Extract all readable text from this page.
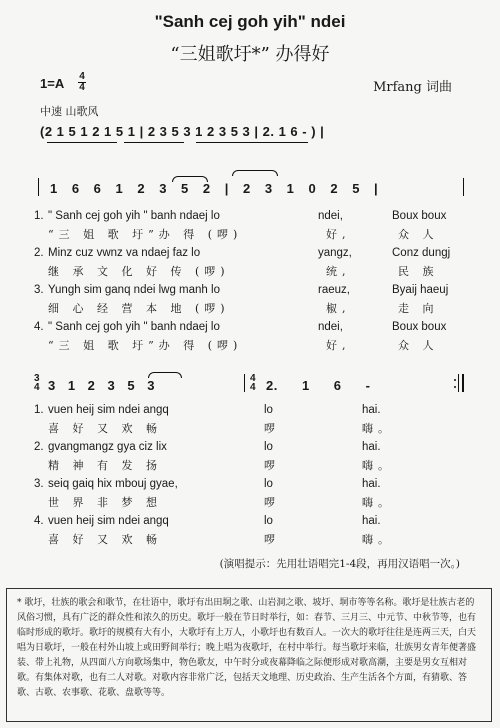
"Sanh cej goh yih" ndei
“三姐歌圩*” 办得好
1=A 4
4	Mrfang 词曲
中速 山歌风
(2 1 5 1 2 1 5 1 | 2 3 5 3 1 2 3 5 3 | 2. 1 6 - ) |
1 6 6 1 2 3 5 2 | 2 3 1 0 2 5 |
1. " Sanh cej goh yih " banh ndaej lo	ndei,	Boux boux
“三 姐 歌 圩”办 得 (啰)	好,	众 人
2. Minz cuz vwnz va ndaej faz lo	yangz,	Conz dungj
继 承 文 化 好 传 (啰)	统,	民 族
3. Yungh sim ganq ndei lwg manh lo	raeuz,	Byaij haeuj
细 心 经 营 本 地 (啰)	椒,	走 向
4. " Sanh cej goh yih " banh ndaej lo	ndei,	Boux boux
“三 姐 歌 圩”办 得 (啰)	好,	众 人
3
4 3 1 2 3 5 3	4
4 2. 1 6 -
1. vuen heij sim ndei angq	lo	hai.
喜 好 又 欢 畅	啰	嗨。
2. gvangmangz gya ciz lix	lo	hai.
精 神 有 发 扬	啰	嗨。
3. seiq gaiq hix mbouj gyae,	lo	hai.
世 界 非 梦 想	啰	嗨。
4. vuen heij sim ndei angq	lo	hai.
喜 好 又 欢 畅	啰	嗨。
(演唱提示：先用壮语唱完1-4段，再用汉语唱一次。)
* 歌圩，壮族的歌会和歌节，在壮语中，歌圩有出田垌之歌、山岩洞之歌、坡圩、垌市等等名称。歌圩是壮族古老的风俗习惯，具有广泛的群众性和浓久的历史。歌圩一般在节日时举行，如：春节、三月三、中元节、中秋节等，也有临时形成的歌圩。歌圩的规模有大有小，大歌圩有上万人，小歌圩也有数百人。一次大的歌圩往往是连两三天，白天唱为日歌圩，一般在村外山坡上或田野间举行；晚上唱为夜歌圩，在村中举行。每当歌圩来临，壮族男女青年便著盛装、带上礼物，从四面八方向歌场集中，物色歌友，中午时分或夜幕降临之际便形成对歌高潮，主要是男女互相对歌。有集体对歌，也有二人对歌。对歌内容非常广泛，包括天文地理、历史政治、生产生活各个方面，有猜歌、答歌、古歌、农事歌、花歌、盘歌等等。
